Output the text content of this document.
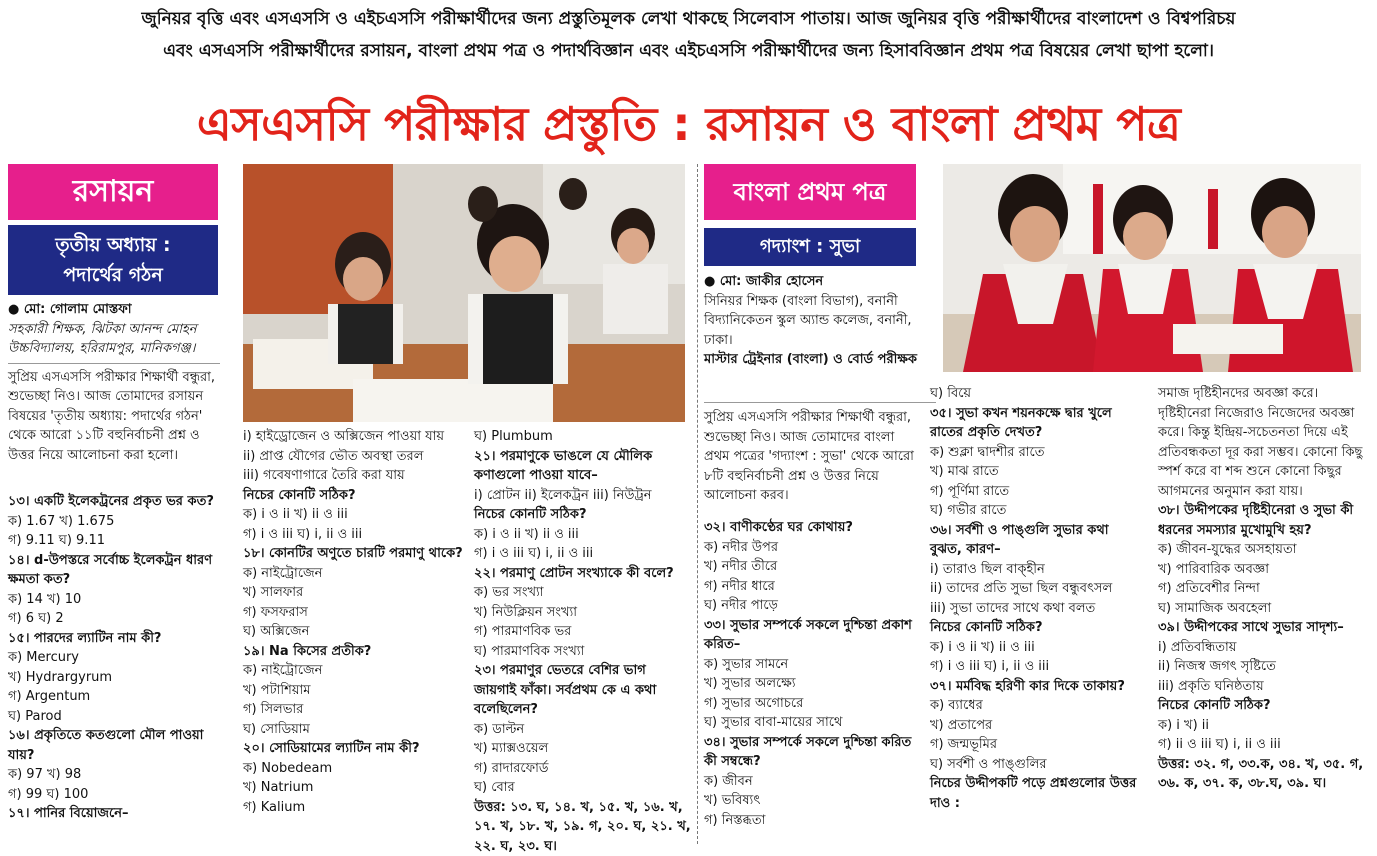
জুনিয়র বৃত্তি এবং এসএসসি ও এইচএসসি পরীক্ষার্থীদের জন্য প্রস্তুতিমূলক লেখা থাকছে সিলেবাস পাতায়। আজ জুনিয়র বৃত্তি পরীক্ষার্থীদের বাংলাদেশ ও বিশ্বপরিচয়
এবং এসএসসি পরীক্ষার্থীদের রসায়ন, বাংলা প্রথম পত্র ও পদার্থবিজ্ঞান এবং এইচএসসি পরীক্ষার্থীদের জন্য হিসাববিজ্ঞান প্রথম পত্র বিষয়ের লেখা ছাপা হলো।
এসএসসি পরীক্ষার প্রস্তুতি : রসায়ন ও বাংলা প্রথম পত্র
রসায়ন
তৃতীয় অধ্যায় :
পদার্থের গঠন

● মো: গোলাম মোস্তফা

সহকারী শিক্ষক, ঝিটকা আনন্দ মোহন উচ্চবিদ্যালয়, হরিরামপুর, মানিকগঞ্জ।

সুপ্রিয় এসএসসি পরীক্ষার শিক্ষার্থী বন্ধুরা, শুভেচ্ছা নিও। আজ তোমাদের রসায়ন বিষয়ের 'তৃতীয় অধ্যায়: পদার্থের গঠন' থেকে আরো ১১টি বহুনির্বাচনী প্রশ্ন ও উত্তর নিয়ে আলোচনা করা হলো।

১৩। একটি ইলেকট্রনের প্রকৃত ভর কত?

ক) 1.67 খ) 1.675

গ) 9.11 ঘ) 9.11

১৪। d-উপস্তরে সর্বোচ্চ ইলেকট্রন ধারণ ক্ষমতা কত?

ক) 14 খ) 10

গ) 6 ঘ) 2

১৫। পারদের ল্যাটিন নাম কী?

ক) Mercury

খ) Hydrargyrum

গ) Argentum

ঘ) Parod

১৬। প্রকৃতিতে কতগুলো মৌল পাওয়া যায়?

ক) 97 খ) 98

গ) 99 ঘ) 100

১৭। পানির বিয়োজনে–

i) হাইড্রোজেন ও অক্সিজেন পাওয়া যায়

ii) প্রাপ্ত যৌগের ভৌত অবস্থা তরল

iii) গবেষণাগারে তৈরি করা যায়

নিচের কোনটি সঠিক?

ক) i ও ii খ) ii ও iii

গ) i ও iii ঘ) i, ii ও iii

১৮। কোনটির অণুতে চারটি পরমাণু থাকে?

ক) নাইট্রোজেন

খ) সালফার

গ) ফসফরাস

ঘ) অক্সিজেন

১৯। Na কিসের প্রতীক?

ক) নাইট্রোজেন

খ) পটাশিয়াম

গ) সিলভার

ঘ) সোডিয়াম

২০। সোডিয়ামের ল্যাটিন নাম কী?

ক) Nobedeam

খ) Natrium

গ) Kalium

ঘ) Plumbum

২১। পরমাণুকে ভাঙলে যে মৌলিক কণাগুলো পাওয়া যাবে–

i) প্রোটন ii) ইলেকট্রন iii) নিউট্রন

নিচের কোনটি সঠিক?

ক) i ও ii খ) ii ও iii

গ) i ও iii ঘ) i, ii ও iii

২২। পরমাণু প্রোটন সংখ্যাকে কী বলে?

ক) ভর সংখ্যা

খ) নিউক্লিয়ন সংখ্যা

গ) পারমাণবিক ভর

ঘ) পারমাণবিক সংখ্যা

২৩। পরমাণুর ভেতরে বেশির ভাগ জায়গাই ফাঁকা। সর্বপ্রথম কে এ কথা বলেছিলেন?

ক) ডাল্টন

খ) ম্যাক্সওয়েল

গ) রাদারফোর্ড

ঘ) বোর

উত্তর: ১৩. ঘ, ১৪. খ, ১৫. খ, ১৬. খ, ১৭. খ, ১৮. খ, ১৯. গ, ২০. ঘ, ২১. খ, ২২. ঘ, ২৩. ঘ।

বাংলা প্রথম পত্র
গদ্যাংশ : সুভা

● মো: জাকীর হোসেন

সিনিয়র শিক্ষক (বাংলা বিভাগ), বনানী বিদ্যানিকেতন স্কুল অ্যান্ড কলেজ, বনানী, ঢাকা।

মাস্টার ট্রেইনার (বাংলা) ও বোর্ড পরীক্ষক

সুপ্রিয় এসএসসি পরীক্ষার শিক্ষার্থী বন্ধুরা, শুভেচ্ছা নিও। আজ তোমাদের বাংলা প্রথম পত্রের 'গদ্যাংশ : সুভা' থেকে আরো ৮টি বহুনির্বাচনী প্রশ্ন ও উত্তর নিয়ে আলোচনা করব।

৩২। বাণীকণ্ঠের ঘর কোথায়?

ক) নদীর উপর

খ) নদীর তীরে

গ) নদীর ধারে

ঘ) নদীর পাড়ে

৩৩। সুভার সম্পর্কে সকলে দুশ্চিন্তা প্রকাশ করিত–

ক) সুভার সামনে

খ) সুভার অলক্ষ্যে

গ) সুভার অগোচরে

ঘ) সুভার বাবা-মায়ের সাথে

৩৪। সুভার সম্পর্কে সকলে দুশ্চিন্তা করিত কী সম্বন্ধে?

ক) জীবন

খ) ভবিষ্যৎ

গ) নিস্তব্ধতা

ঘ) বিয়ে

৩৫। সুভা কখন শয়নকক্ষে দ্বার খুলে রাতের প্রকৃতি দেখত?

ক) শুক্লা দ্বাদশীর রাতে

খ) মাঝ রাতে

গ) পূর্ণিমা রাতে

ঘ) গভীর রাতে

৩৬। সর্বশী ও পাঙ্গুলি সুভার কথা বুঝত, কারণ–

i) তারাও ছিল বাক্‌হীন

ii) তাদের প্রতি সুভা ছিল বন্ধুবৎসল

iii) সুভা তাদের সাথে কথা বলত

নিচের কোনটি সঠিক?

ক) i ও ii খ) ii ও iii

গ) i ও iii ঘ) i, ii ও iii

৩৭। মর্মবিদ্ধ হরিণী কার দিকে তাকায়?

ক) ব্যাধের

খ) প্রতাপের

গ) জন্মভূমির

ঘ) সর্বশী ও পাঙ্গুলির

নিচের উদ্দীপকটি পড়ে প্রশ্নগুলোর উত্তর দাও :

সমাজ দৃষ্টিহীনদের অবজ্ঞা করে। দৃষ্টিহীনেরা নিজেরাও নিজেদের অবজ্ঞা করে। কিন্তু ইন্দ্রিয়-সচেতনতা দিয়ে এই প্রতিবন্ধকতা দূর করা সম্ভব। কোনো কিছু স্পর্শ করে বা শব্দ শুনে কোনো কিছুর আগমনের অনুমান করা যায়।

৩৮। উদ্দীপকের দৃষ্টিহীনেরা ও সুভা কী ধরনের সমস্যার মুখোমুখি হয়?

ক) জীবন-যুদ্ধের অসহায়তা

খ) পারিবারিক অবজ্ঞা

গ) প্রতিবেশীর নিন্দা

ঘ) সামাজিক অবহেলা

৩৯। উদ্দীপকের সাথে সুভার সাদৃশ্য–

i) প্রতিবন্ধিতায়

ii) নিজস্ব জগৎ সৃষ্টিতে

iii) প্রকৃতি ঘনিষ্ঠতায়

নিচের কোনটি সঠিক?

ক) i খ) ii

গ) ii ও iii ঘ) i, ii ও iii

উত্তর: ৩২. গ, ৩৩.ক, ৩৪. খ, ৩৫. গ, ৩৬. ক, ৩৭. ক, ৩৮.ঘ, ৩৯. ঘ।
